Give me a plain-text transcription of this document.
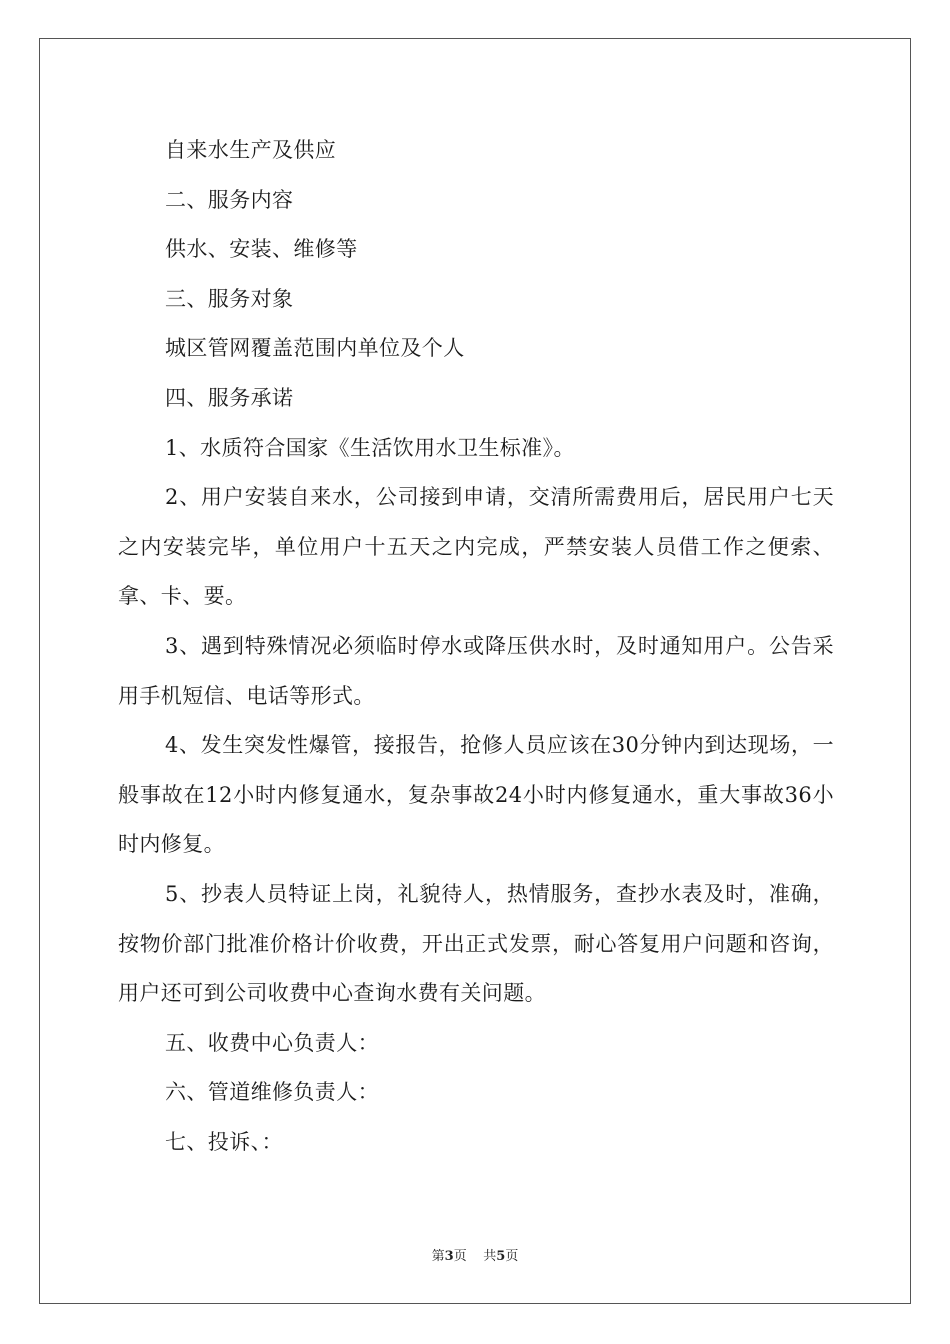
自来水生产及供应
二、服务内容
供水、安装、维修等
三、服务对象
城区管网覆盖范围内单位及个人
四、服务承诺
1、水质符合国家《生活饮用水卫生标准》。
2、用户安装自来水，公司接到申请，交清所需费用后，居民用户七天之内安装完毕，单位用户十五天之内完成，严禁安装人员借工作之便索、拿、卡、要。
3、遇到特殊情况必须临时停水或降压供水时，及时通知用户。公告采用手机短信、电话等形式。
4、发生突发性爆管，接报告，抢修人员应该在30分钟内到达现场，一般事故在12小时内修复通水，复杂事故24小时内修复通水，重大事故36小时内修复。
5、抄表人员特证上岗，礼貌待人，热情服务，查抄水表及时，准确，按物价部门批准价格计价收费，开出正式发票，耐心答复用户问题和咨询，用户还可到公司收费中心查询水费有关问题。
五、收费中心负责人：
六、管道维修负责人：
七、投诉、：
第3页 共5页
